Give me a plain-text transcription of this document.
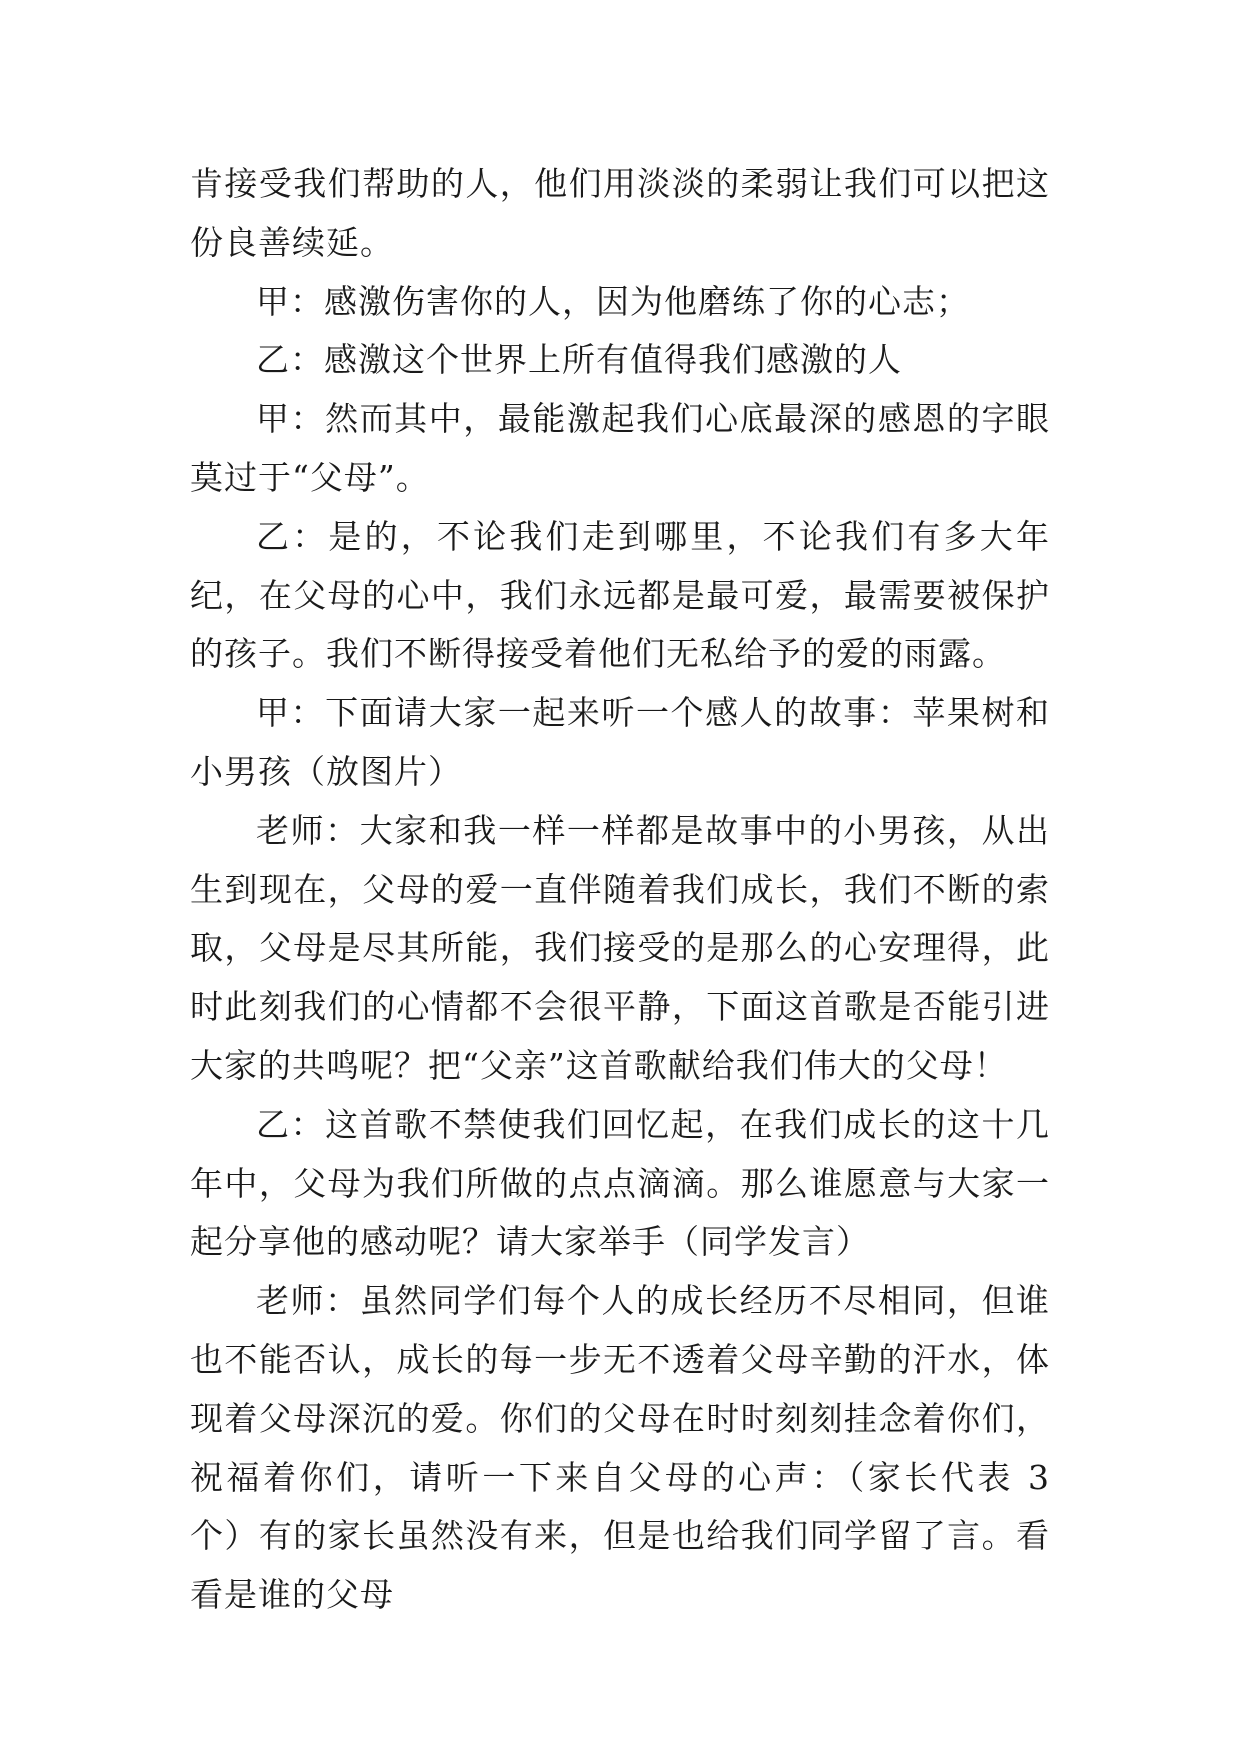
肯接受我们帮助的人，他们用淡淡的柔弱让我们可以把这份良善续延。

甲：感激伤害你的人，因为他磨练了你的心志；

乙：感激这个世界上所有值得我们感激的人

甲：然而其中，最能激起我们心底最深的感恩的字眼莫过于“父母”。

乙：是的，不论我们走到哪里，不论我们有多大年纪，在父母的心中，我们永远都是最可爱，最需要被保护的孩子。我们不断得接受着他们无私给予的爱的雨露。

甲：下面请大家一起来听一个感人的故事：苹果树和小男孩（放图片）

老师：大家和我一样一样都是故事中的小男孩，从出生到现在，父母的爱一直伴随着我们成长，我们不断的索取，父母是尽其所能，我们接受的是那么的心安理得，此时此刻我们的心情都不会很平静，下面这首歌是否能引进大家的共鸣呢？把“父亲”这首歌献给我们伟大的父母！

乙：这首歌不禁使我们回忆起，在我们成长的这十几年中，父母为我们所做的点点滴滴。那么谁愿意与大家一起分享他的感动呢？请大家举手（同学发言）

老师：虽然同学们每个人的成长经历不尽相同，但谁也不能否认，成长的每一步无不透着父母辛勤的汗水，体现着父母深沉的爱。你们的父母在时时刻刻挂念着你们，祝福着你们，请听一下来自父母的心声：（家长代表 3 个）有的家长虽然没有来，但是也给我们同学留了言。看看是谁的父母
